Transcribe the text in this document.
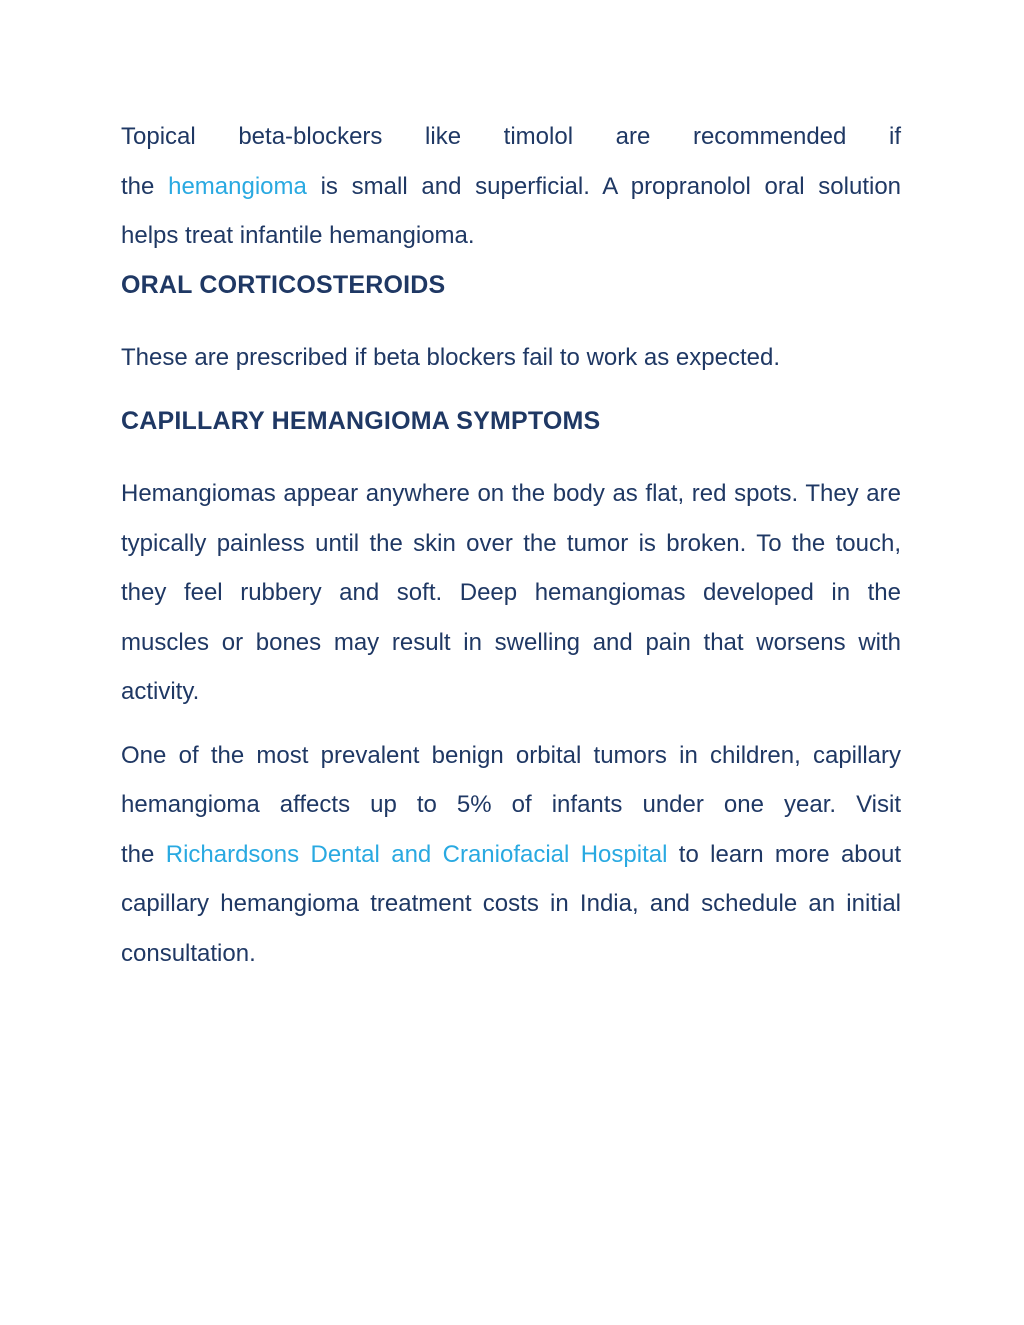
Topical beta-blockers like timolol are recommended if
the hemangioma is small and superficial. A propranolol oral solution
helps treat infantile hemangioma.
ORAL CORTICOSTEROIDS
These are prescribed if beta blockers fail to work as expected.
CAPILLARY HEMANGIOMA SYMPTOMS
Hemangiomas appear anywhere on the body as flat, red spots. They are
typically painless until the skin over the tumor is broken. To the touch,
they feel rubbery and soft. Deep hemangiomas developed in the
muscles or bones may result in swelling and pain that worsens with
activity.
One of the most prevalent benign orbital tumors in children, capillary
hemangioma affects up to 5% of infants under one year. Visit
the Richardsons Dental and Craniofacial Hospital to learn more about
capillary hemangioma treatment costs in India, and schedule an initial
consultation.
